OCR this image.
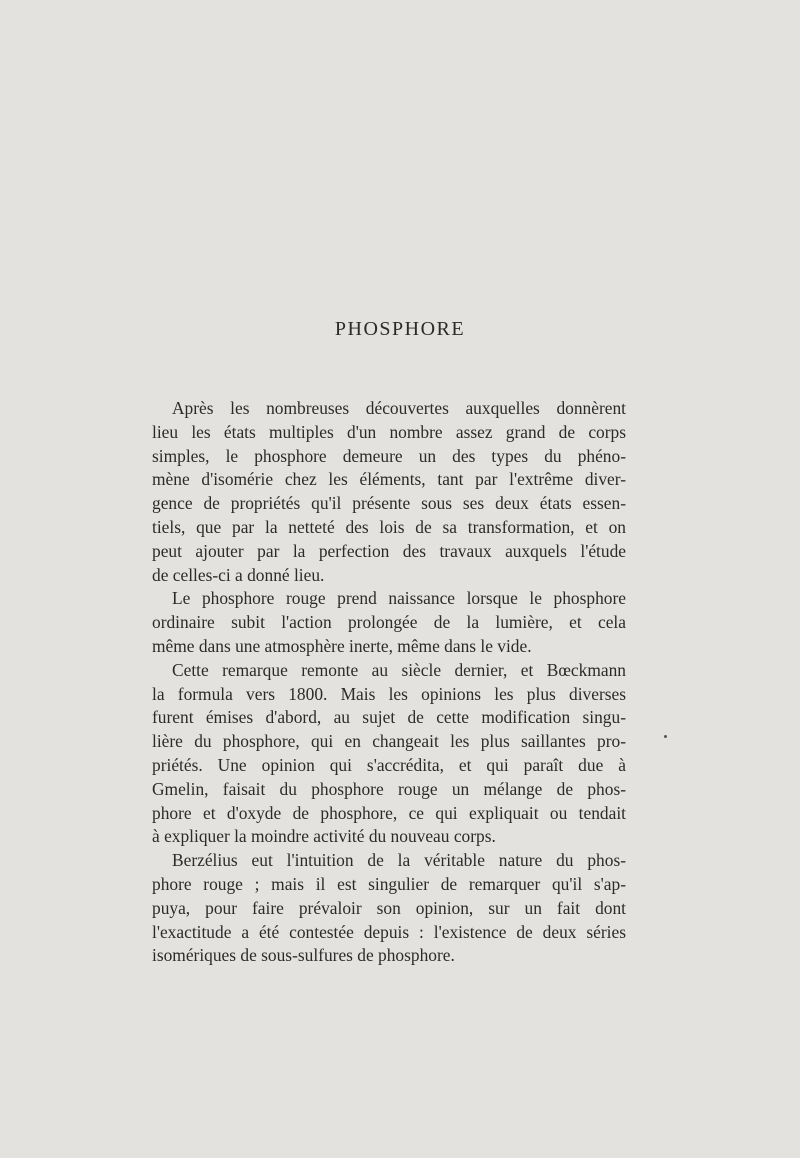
PHOSPHORE
Après les nombreuses découvertes auxquelles donnèrent
lieu les états multiples d'un nombre assez grand de corps
simples, le phosphore demeure un des types du phéno-
mène d'isomérie chez les éléments, tant par l'extrême diver-
gence de propriétés qu'il présente sous ses deux états essen-
tiels, que par la netteté des lois de sa transformation, et on
peut ajouter par la perfection des travaux auxquels l'étude
de celles-ci a donné lieu.
Le phosphore rouge prend naissance lorsque le phosphore
ordinaire subit l'action prolongée de la lumière, et cela
même dans une atmosphère inerte, même dans le vide.
Cette remarque remonte au siècle dernier, et Bœckmann
la formula vers 1800. Mais les opinions les plus diverses
furent émises d'abord, au sujet de cette modification singu-
lière du phosphore, qui en changeait les plus saillantes pro-
priétés. Une opinion qui s'accrédita, et qui paraît due à
Gmelin, faisait du phosphore rouge un mélange de phos-
phore et d'oxyde de phosphore, ce qui expliquait ou tendait
à expliquer la moindre activité du nouveau corps.
Berzélius eut l'intuition de la véritable nature du phos-
phore rouge ; mais il est singulier de remarquer qu'il s'ap-
puya, pour faire prévaloir son opinion, sur un fait dont
l'exactitude a été contestée depuis : l'existence de deux séries
isomériques de sous-sulfures de phosphore.
